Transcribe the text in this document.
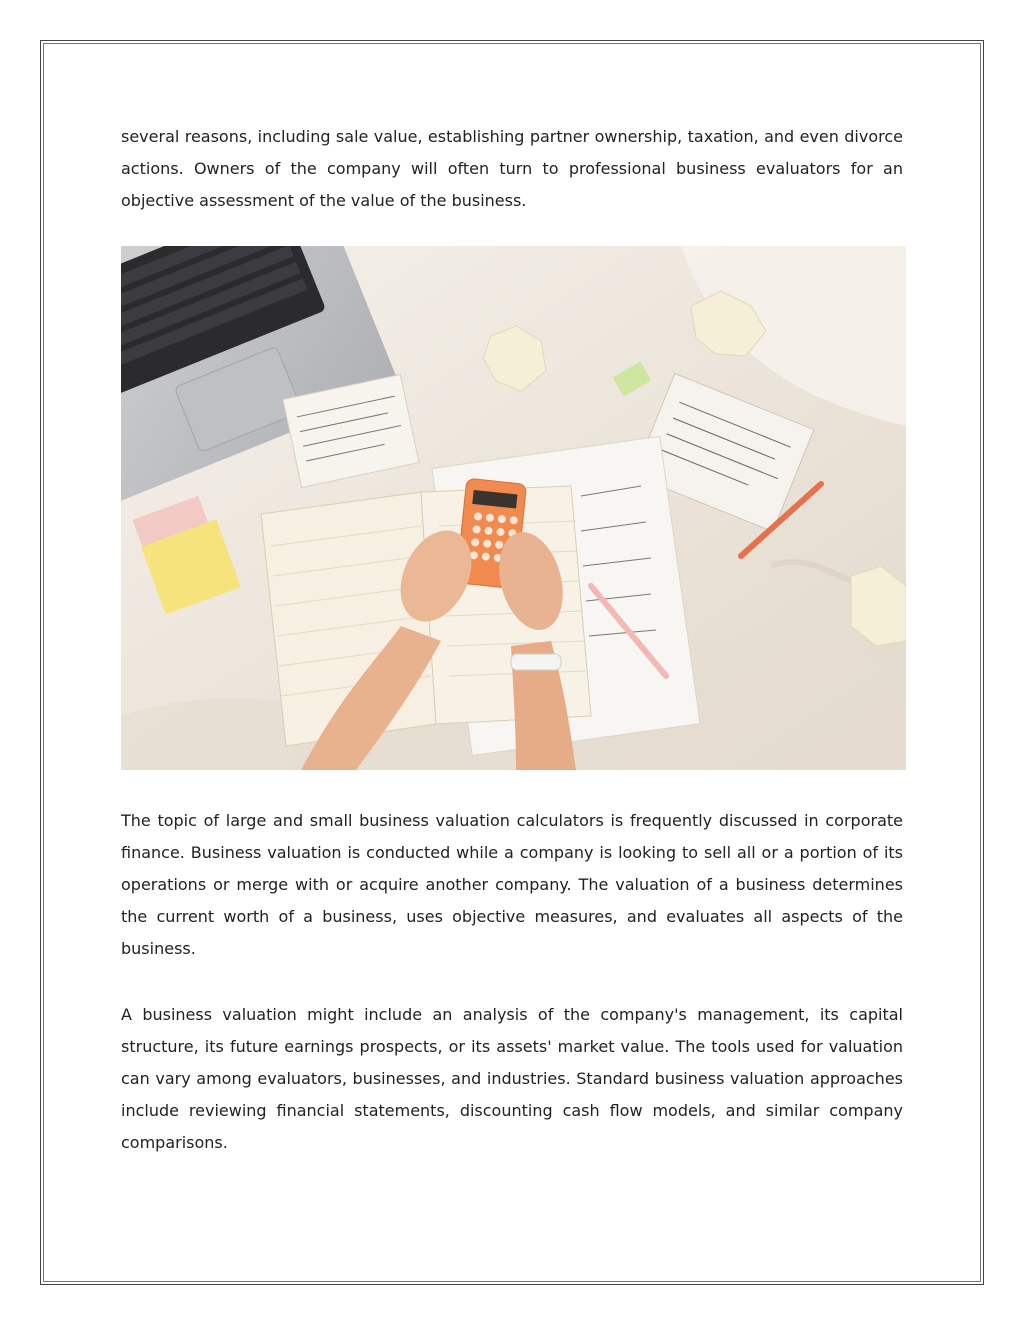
several reasons, including sale value, establishing partner ownership, taxation, and even divorce actions. Owners of the company will often turn to professional business evaluators for an objective assessment of the value of the business.

The topic of large and small business valuation calculators is frequently discussed in corporate finance. Business valuation is conducted while a company is looking to sell all or a portion of its operations or merge with or acquire another company. The valuation of a business determines the current worth of a business, uses objective measures, and evaluates all aspects of the business.

A business valuation might include an analysis of the company's management, its capital structure, its future earnings prospects, or its assets' market value. The tools used for valuation can vary among evaluators, businesses, and industries. Standard business valuation approaches include reviewing financial statements, discounting cash flow models, and similar company comparisons.
